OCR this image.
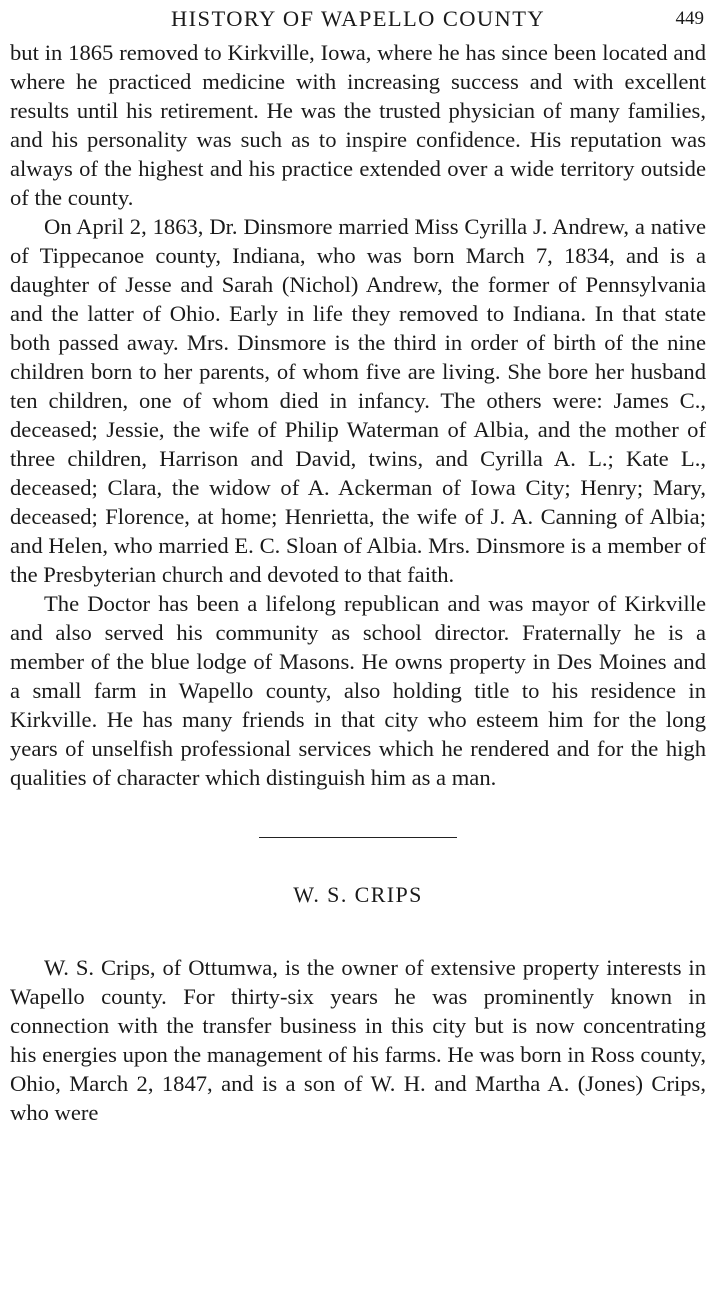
HISTORY OF WAPELLO COUNTY	449

but in 1865 removed to Kirkville, Iowa, where he has since been located and where he practiced medicine with increasing success and with excellent results until his retirement. He was the trusted physician of many families, and his personality was such as to inspire confidence. His reputation was always of the highest and his practice extended over a wide territory outside of the county.

On April 2, 1863, Dr. Dinsmore married Miss Cyrilla J. Andrew, a native of Tippecanoe county, Indiana, who was born March 7, 1834, and is a daughter of Jesse and Sarah (Nichol) Andrew, the former of Pennsylvania and the latter of Ohio. Early in life they removed to Indiana. In that state both passed away. Mrs. Dinsmore is the third in order of birth of the nine children born to her parents, of whom five are living. She bore her husband ten children, one of whom died in infancy. The others were: James C., deceased; Jessie, the wife of Philip Waterman of Albia, and the mother of three children, Harrison and David, twins, and Cyrilla A. L.; Kate L., deceased; Clara, the widow of A. Ackerman of Iowa City; Henry; Mary, deceased; Florence, at home; Henrietta, the wife of J. A. Canning of Albia; and Helen, who married E. C. Sloan of Albia. Mrs. Dinsmore is a member of the Presbyterian church and devoted to that faith.

The Doctor has been a lifelong republican and was mayor of Kirkville and also served his community as school director. Fraternally he is a member of the blue lodge of Masons. He owns property in Des Moines and a small farm in Wapello county, also holding title to his residence in Kirkville. He has many friends in that city who esteem him for the long years of unselfish professional services which he rendered and for the high qualities of character which distinguish him as a man.

W. S. CRIPS

W. S. Crips, of Ottumwa, is the owner of extensive property interests in Wapello county. For thirty-six years he was prominently known in connection with the transfer business in this city but is now concentrating his energies upon the management of his farms. He was born in Ross county, Ohio, March 2, 1847, and is a son of W. H. and Martha A. (Jones) Crips, who were
